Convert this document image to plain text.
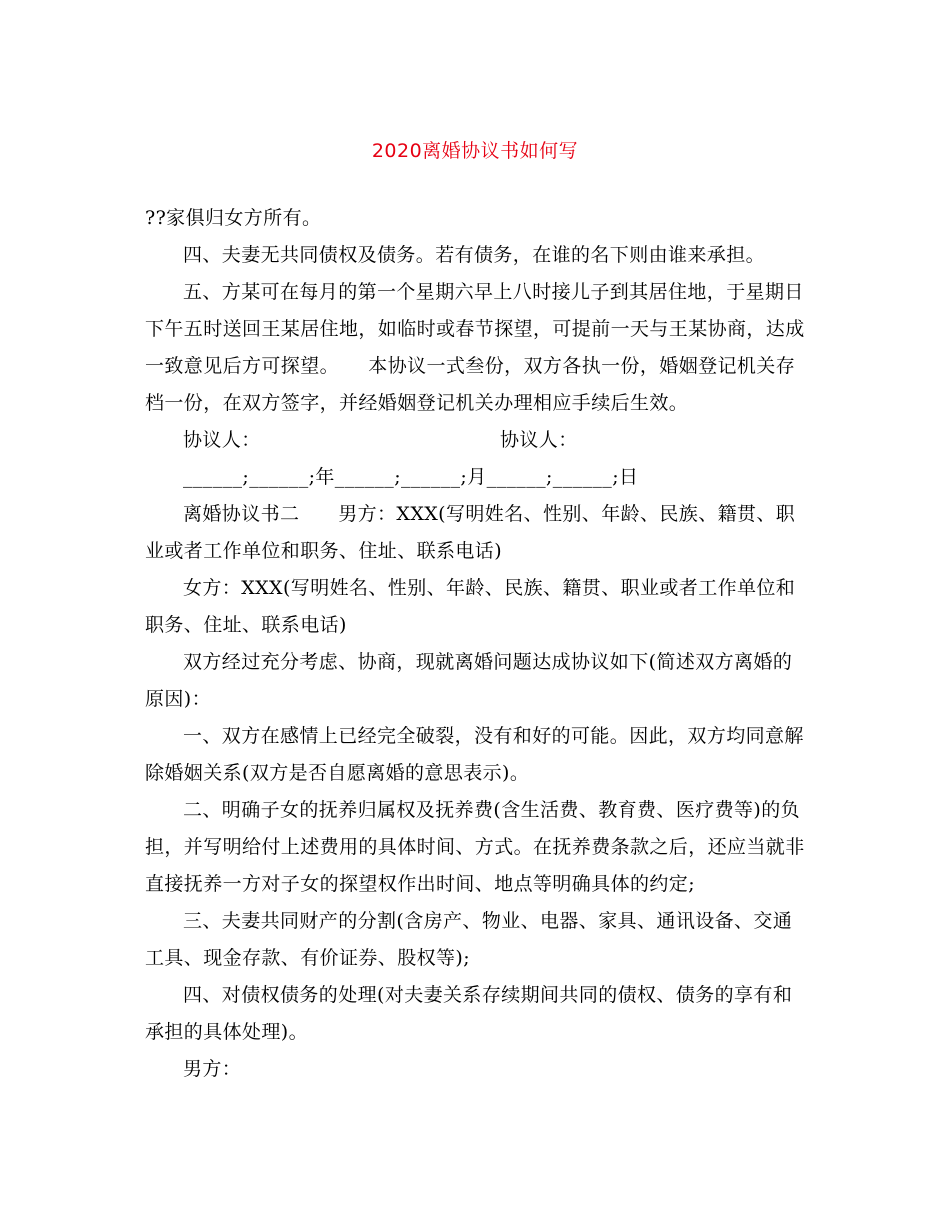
2020离婚协议书如何写

??家俱归女方所有。

四、夫妻无共同债权及债务。若有债务，在谁的名下则由谁来承担。

五、方某可在每月的第一个星期六早上八时接儿子到其居住地，于星期日下午五时送回王某居住地，如临时或春节探望，可提前一天与王某协商，达成一致意见后方可探望。　　本协议一式叁份，双方各执一份，婚姻登记机关存档一份，在双方签字，并经婚姻登记机关办理相应手续后生效。

协议人：	协议人：

______;______;年______;______;月______;______;日

离婚协议书二　　男方：XXX(写明姓名、性别、年龄、民族、籍贯、职业或者工作单位和职务、住址、联系电话)

女方：XXX(写明姓名、性别、年龄、民族、籍贯、职业或者工作单位和职务、住址、联系电话)

双方经过充分考虑、协商，现就离婚问题达成协议如下(简述双方离婚的原因)：

一、双方在感情上已经完全破裂，没有和好的可能。因此，双方均同意解除婚姻关系(双方是否自愿离婚的意思表示)。

二、明确子女的抚养归属权及抚养费(含生活费、教育费、医疗费等)的负担，并写明给付上述费用的具体时间、方式。在抚养费条款之后，还应当就非直接抚养一方对子女的探望权作出时间、地点等明确具体的约定;

三、夫妻共同财产的分割(含房产、物业、电器、家具、通讯设备、交通工具、现金存款、有价证券、股权等);

四、对债权债务的处理(对夫妻关系存续期间共同的债权、债务的享有和承担的具体处理)。

男方：
